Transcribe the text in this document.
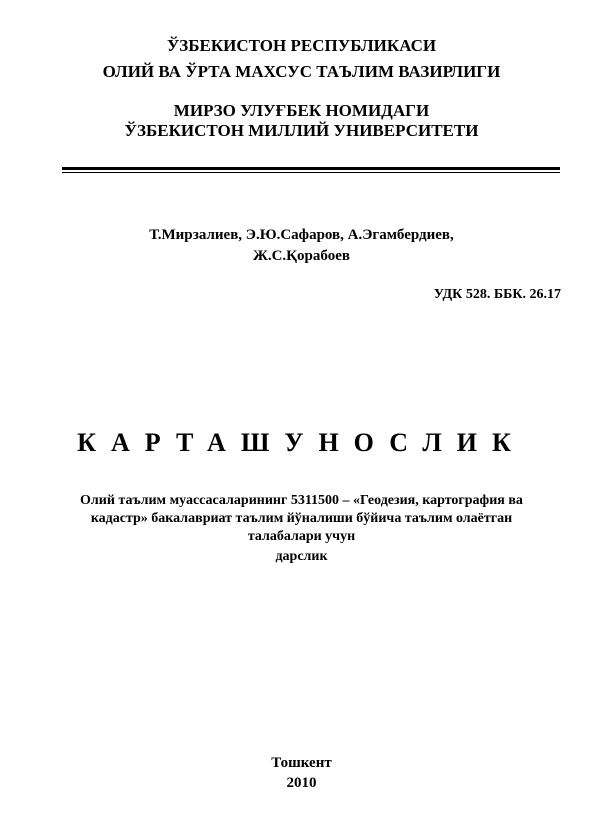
ЎЗБЕКИСТОН РЕСПУБЛИКАСИ
ОЛИЙ ВА ЎРТА МАХСУС ТАЪЛИМ ВАЗИРЛИГИ
МИРЗО УЛУҒБЕК НОМИДАГИ
ЎЗБЕКИСТОН МИЛЛИЙ УНИВЕРСИТЕТИ
Т.Мирзалиев, Э.Ю.Сафаров, А.Эгамбердиев,
Ж.С.Қорабоев
УДК 528. ББК. 26.17
КАРТАШУНОСЛИК
Олий таълим муассасаларининг 5311500 – «Геодезия, картография ва
кадастр» бакалавриат таълим йўналиши бўйича таълим олаётган
талабалари учун
дарслик
Тошкент
2010
